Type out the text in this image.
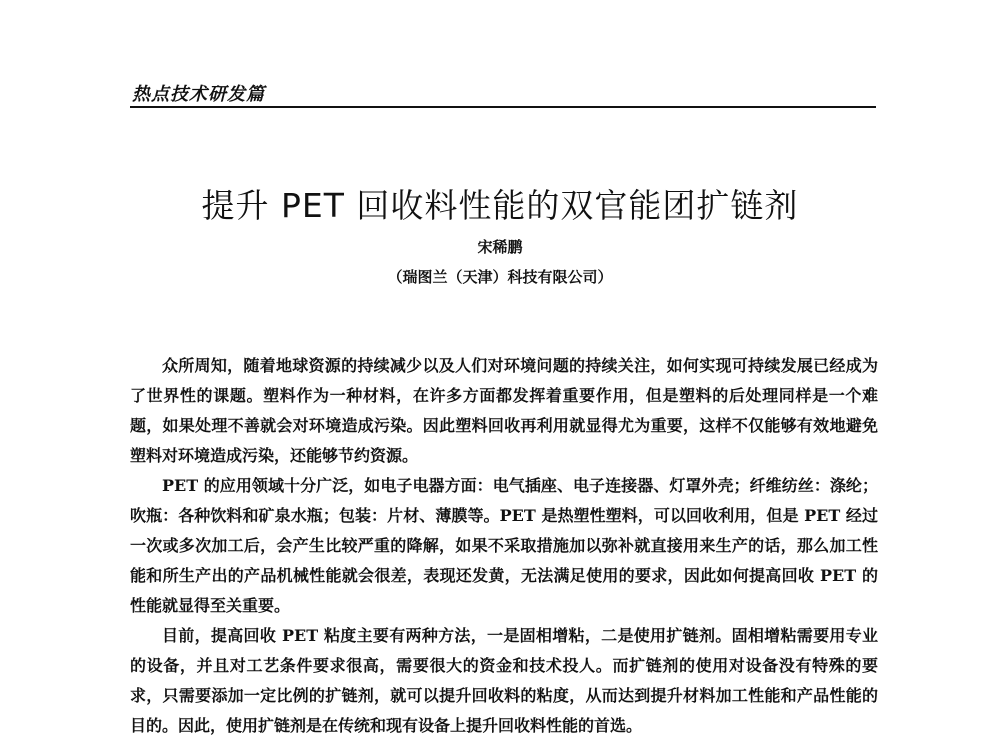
热点技术研发篇
提升 PET 回收料性能的双官能团扩链剂
宋稀鹏
（瑞图兰（天津）科技有限公司）

众所周知，随着地球资源的持续减少以及人们对环境问题的持续关注，如何实现可持续发展已经成为了世界性的课题。塑料作为一种材料，在许多方面都发挥着重要作用，但是塑料的后处理同样是一个难题，如果处理不善就会对环境造成污染。因此塑料回收再利用就显得尤为重要，这样不仅能够有效地避免塑料对环境造成污染，还能够节约资源。

PET 的应用领域十分广泛，如电子电器方面：电气插座、电子连接器、灯罩外壳；纤维纺丝：涤纶；吹瓶：各种饮料和矿泉水瓶；包装：片材、薄膜等。PET 是热塑性塑料，可以回收利用，但是 PET 经过一次或多次加工后，会产生比较严重的降解，如果不采取措施加以弥补就直接用来生产的话，那么加工性能和所生产出的产品机械性能就会很差，表现还发黄，无法满足使用的要求，因此如何提高回收 PET 的性能就显得至关重要。

目前，提高回收 PET 粘度主要有两种方法，一是固相增粘，二是使用扩链剂。固相增粘需要用专业的设备，并且对工艺条件要求很高，需要很大的资金和技术投人。而扩链剂的使用对设备没有特殊的要求，只需要添加一定比例的扩链剂，就可以提升回收料的粘度，从而达到提升材料加工性能和产品性能的目的。因此，使用扩链剂是在传统和现有设备上提升回收料性能的首选。
